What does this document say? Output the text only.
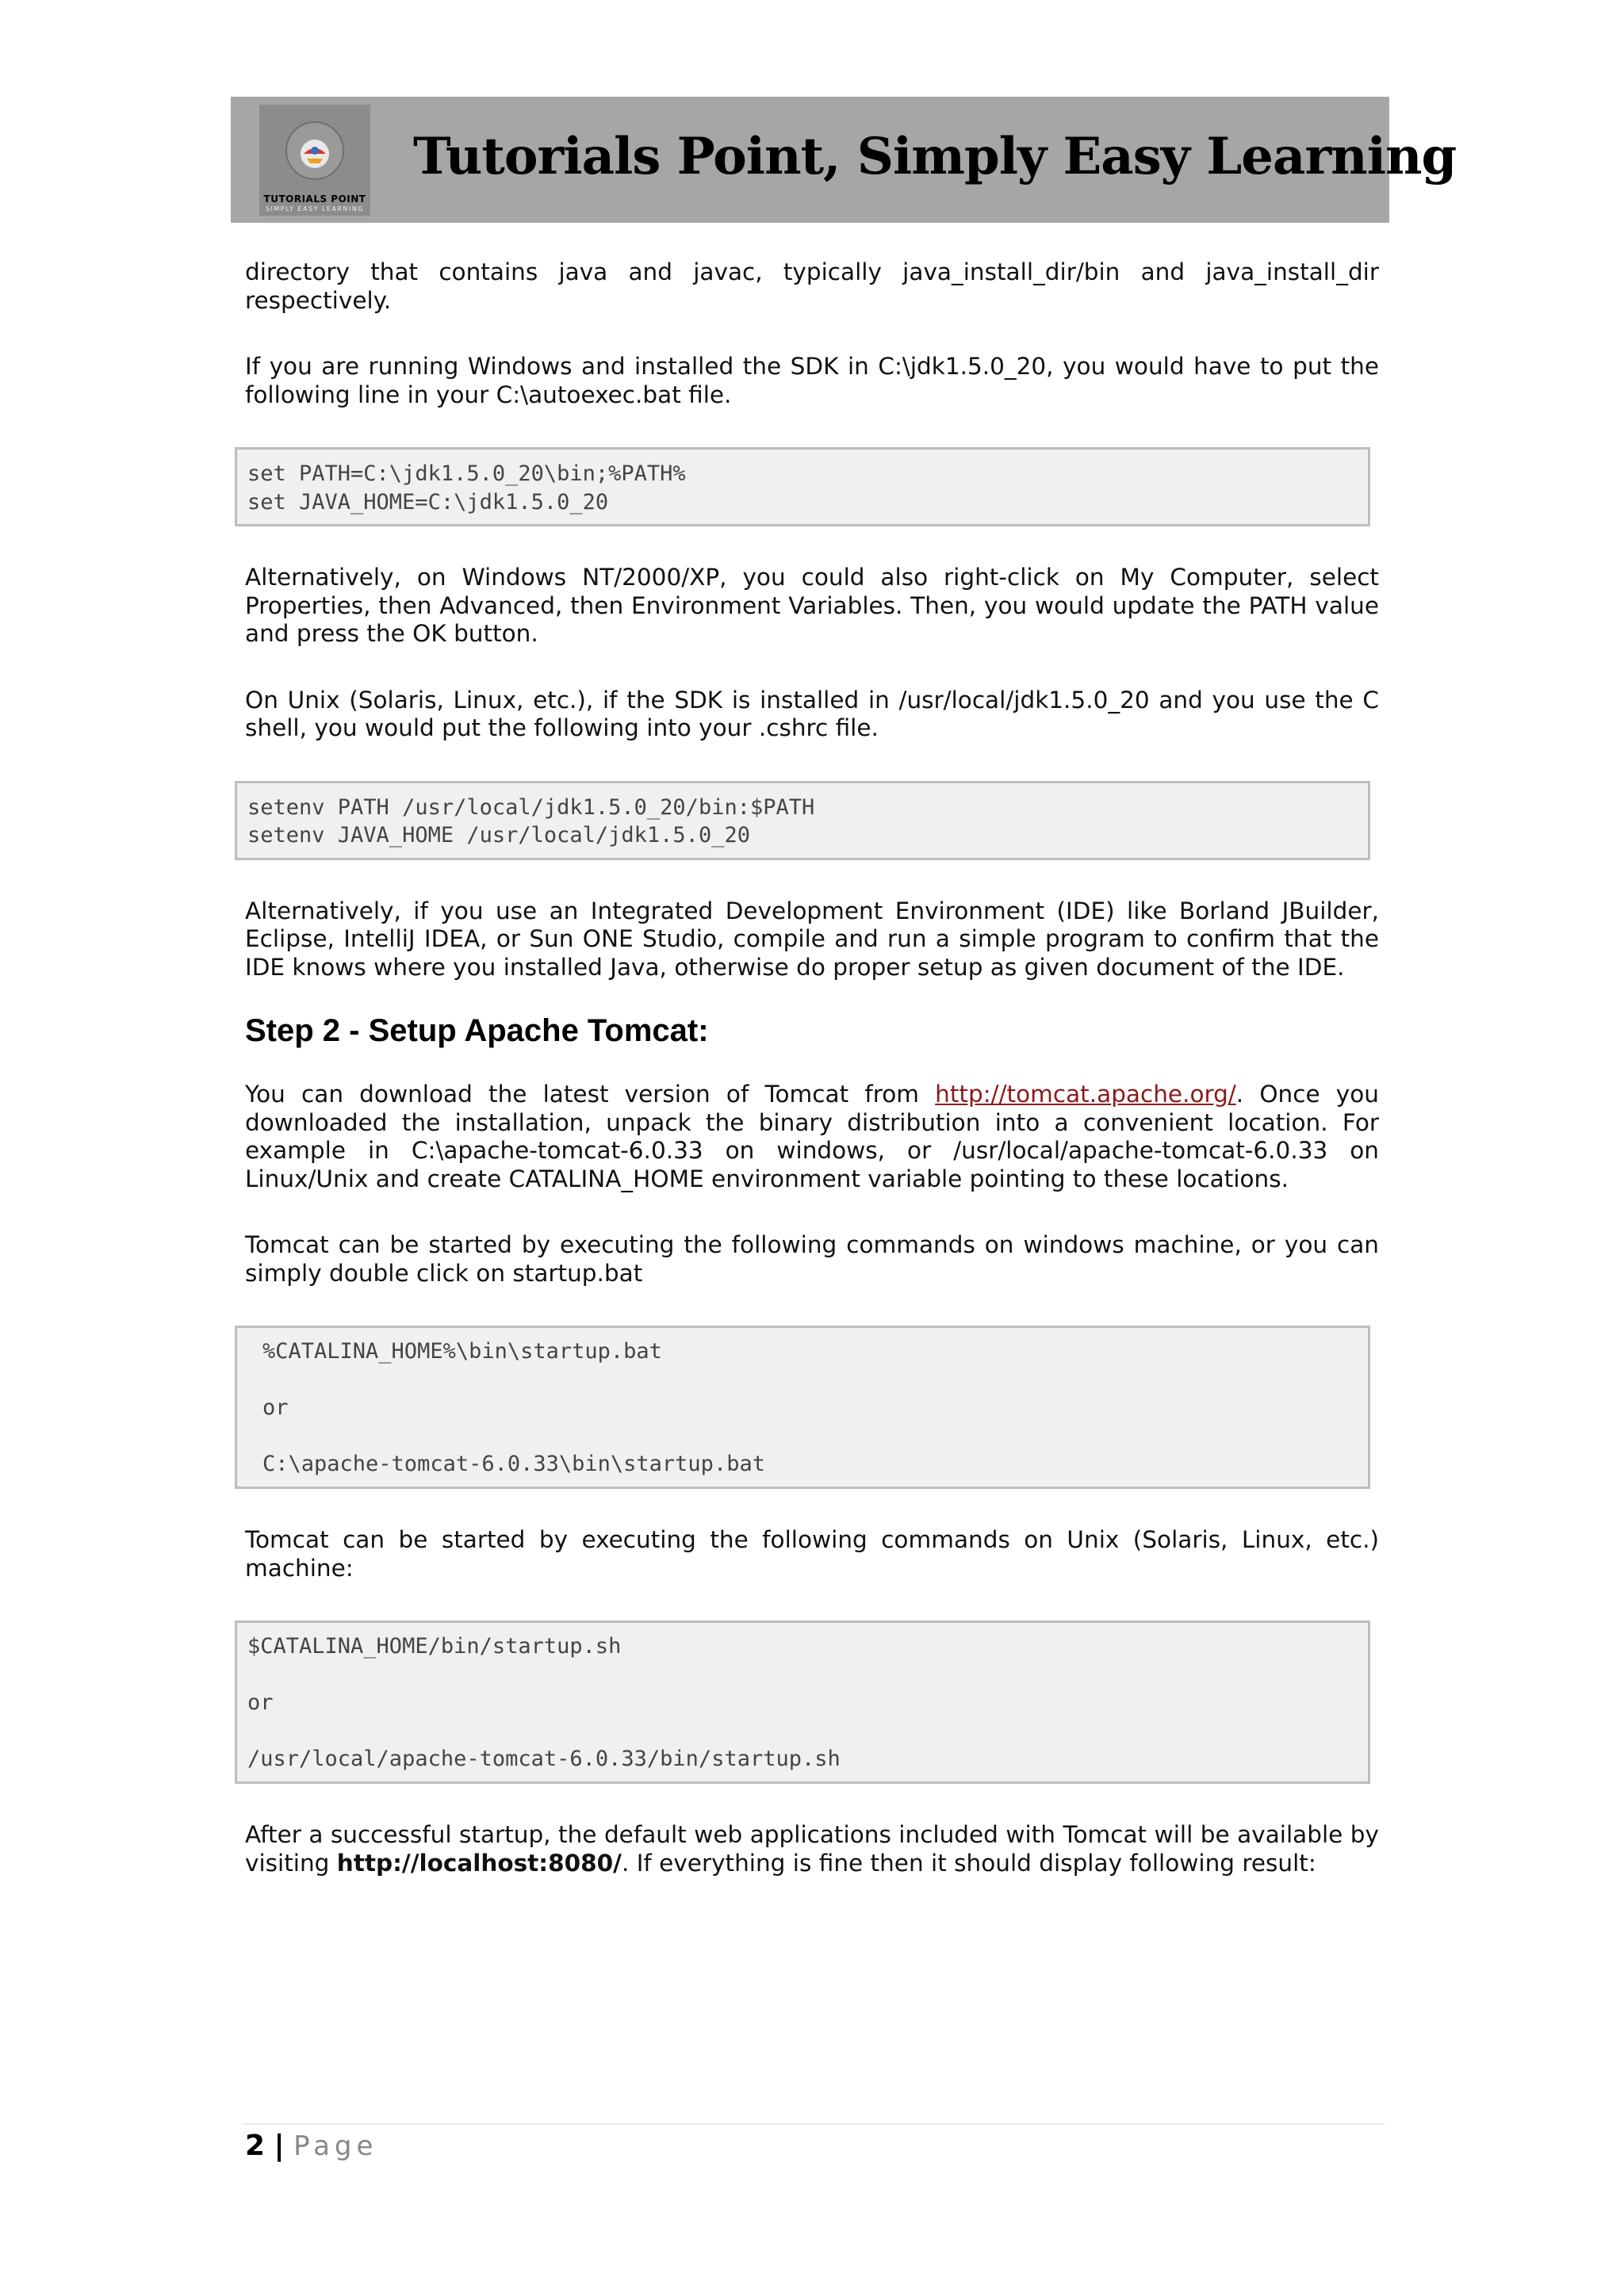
TUTORIALS POINT
SIMPLY EASY LEARNING
Tutorials Point, Simply Easy Learning

directory that contains java and javac, typically java_install_dir/bin and java_install_dir respectively.

If you are running Windows and installed the SDK in C:\jdk1.5.0_20, you would have to put the following line in your C:\autoexec.bat file.

set PATH=C:\jdk1.5.0_20\bin;%PATH%
set JAVA_HOME=C:\jdk1.5.0_20

Alternatively, on Windows NT/2000/XP, you could also right-click on My Computer, select Properties, then Advanced, then Environment Variables. Then, you would update the PATH value and press the OK button.

On Unix (Solaris, Linux, etc.), if the SDK is installed in /usr/local/jdk1.5.0_20 and you use the C shell, you would put the following into your .cshrc file.

setenv PATH /usr/local/jdk1.5.0_20/bin:$PATH
setenv JAVA_HOME /usr/local/jdk1.5.0_20

Alternatively, if you use an Integrated Development Environment (IDE) like Borland JBuilder, Eclipse, IntelliJ IDEA, or Sun ONE Studio, compile and run a simple program to confirm that the IDE knows where you installed Java, otherwise do proper setup as given document of the IDE.

Step 2 - Setup Apache Tomcat:

You can download the latest version of Tomcat from http://tomcat.apache.org/. Once you downloaded the installation, unpack the binary distribution into a convenient location. For example in C:\apache-tomcat-6.0.33 on windows, or /usr/local/apache-tomcat-6.0.33 on Linux/Unix and create CATALINA_HOME environment variable pointing to these locations.

Tomcat can be started by executing the following commands on windows machine, or you can simply double click on startup.bat

%CATALINA_HOME%\bin\startup.bat

or

C:\apache-tomcat-6.0.33\bin\startup.bat

Tomcat can be started by executing the following commands on Unix (Solaris, Linux, etc.) machine:

$CATALINA_HOME/bin/startup.sh

or

/usr/local/apache-tomcat-6.0.33/bin/startup.sh

After a successful startup, the default web applications included with Tomcat will be available by visiting http://localhost:8080/. If everything is fine then it should display following result:

2 | Page
